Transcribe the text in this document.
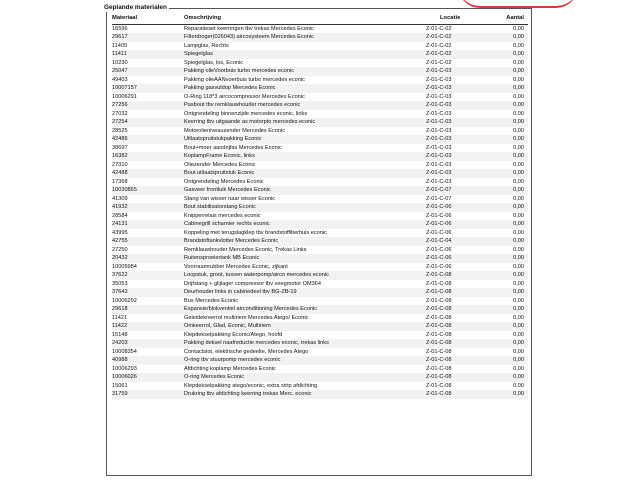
Geplande materialen
Materiaal	Omschrijving	Locatie	Aantal
16596	Reparatieset keerringen tbv trekas Mercedes Econic	Z-01-C-02	0,00
29617	Filterdroger(026043) aircosysteem Mercedes Econic	Z-01-C-02	0,00
11409	Lampglas, Rechts	Z-01-C-02	0,00
11411	Spiegelglas	Z-01-C-02	0,00
10230	Spiegelglas, los, Econic	Z-01-C-02	0,00
25047	Pakking olieVoorbuis turbo mercedes econic	Z-01-C-03	0,00
49403	Pakking olieAANvoerbuis turbo mercedes econic	Z-01-C-03	0,00
10007157	Pakking gasvuldop Mercedes Econic	Z-01-C-03	0,00
10006291	O-Ring 118*3 aircocompressor Mercedes Econic	Z-01-C-03	0,00
27256	Pasbout tbv remklauwhouder mercedes econic	Z-01-C-03	0,00
27032	Ontgrendeling binnenzijde mercedes econic, links	Z-01-C-03	0,00
27254	Keerring tbv uitgaande as motorpto mercedes econic	Z-01-C-03	0,00
28525	Motorolieniveauzender Mercedes Econic	Z-01-C-03	0,00
42486	Uitlaatspruitstukpakking Econic	Z-01-C-03	0,00
38697	Bout+moer aandrijfas Mercedes Econic	Z-01-C-03	0,00
16382	KoplampFrame Econic, links	Z-01-C-03	0,00
27310	Oliezender Mercedes Econic	Z-01-C-03	0,00
42488	Bout uitlaatspruitstuk Econic	Z-01-C-03	0,00
17368	Ontgrendeling Mercedes Econic	Z-01-C-03	0,00
10030865	Gasveer frontluik Mercedes Econic	Z-01-C-07	0,00
41309	Stang van wisser naar wisser Econic	Z-01-C-07	0,00
41932	Bout stabilisatorstang Econic	Z-01-C-06	0,00
28584	Knipperrelais mercedes econic	Z-01-C-06	0,00
24131	Cabinegrill scharnier rechts econic	Z-01-C-06	0,00
43995	Koppeling met terugslagklep tbv brandstoffilterhuis econic	Z-01-C-06	0,00
42755	Brandstoftankvlotter Mercedes Econic	Z-01-C-04	0,00
27250	Remklauwhouder Mercedes Econic, Trekas Links	Z-01-C-06	0,00
20432	Ruitensproeiertank MB Econic	Z-01-C-06	0,00
10005984	Voorraamrubber Mercedes Econic, zijkant	Z-01-C-06	0,00
37622	Loopstuk, groot, tussen waterpomp/airco mercedes econic	Z-01-C-08	0,00
35053	Drijfstang + glijlager compressor tbv veegmotor OM364	Z-01-C-08	0,00
37643	Deurhouder links in cabinedeel tbv BG-ZB-19	Z-01-C-08	0,00
10006292	Bus Mercedes Econic	Z-01-C-08	0,00
29618	Expansie/blokventiel airconditioning Mercedes Econic	Z-01-C-08	0,00
11421	Geleidekreerrol multiriem Mercedes Atego/ Econic	Z-01-C-08	0,00
11422	Omkeerrol, Glad, Econic, Multiriem	Z-01-C-08	0,00
15148	Klepdekselpakking Econic/Atego, hoofd	Z-01-C-08	0,00
24203	Pakking deksel naafreductie mercedes econic, trekas links	Z-01-C-08	0,00
10008354	Contactslot, elektrische gedeelte, Mercedes Atego	Z-01-C-08	0,00
40988	O-ring tbv stuurpomp mercedes econic	Z-01-C-08	0,00
10006293	Afdichting koplamp Mercedes Econic	Z-01-C-08	0,00
10006026	O-ring Mercedes Econic	Z-01-C-08	0,00
15061	Klepdekselpakking atego/econic, extra strip afdichting	Z-01-C-08	0,00
31759	Drukring tbv afdichting keerring trekas Merc. econic	Z-01-C-08	0,00
